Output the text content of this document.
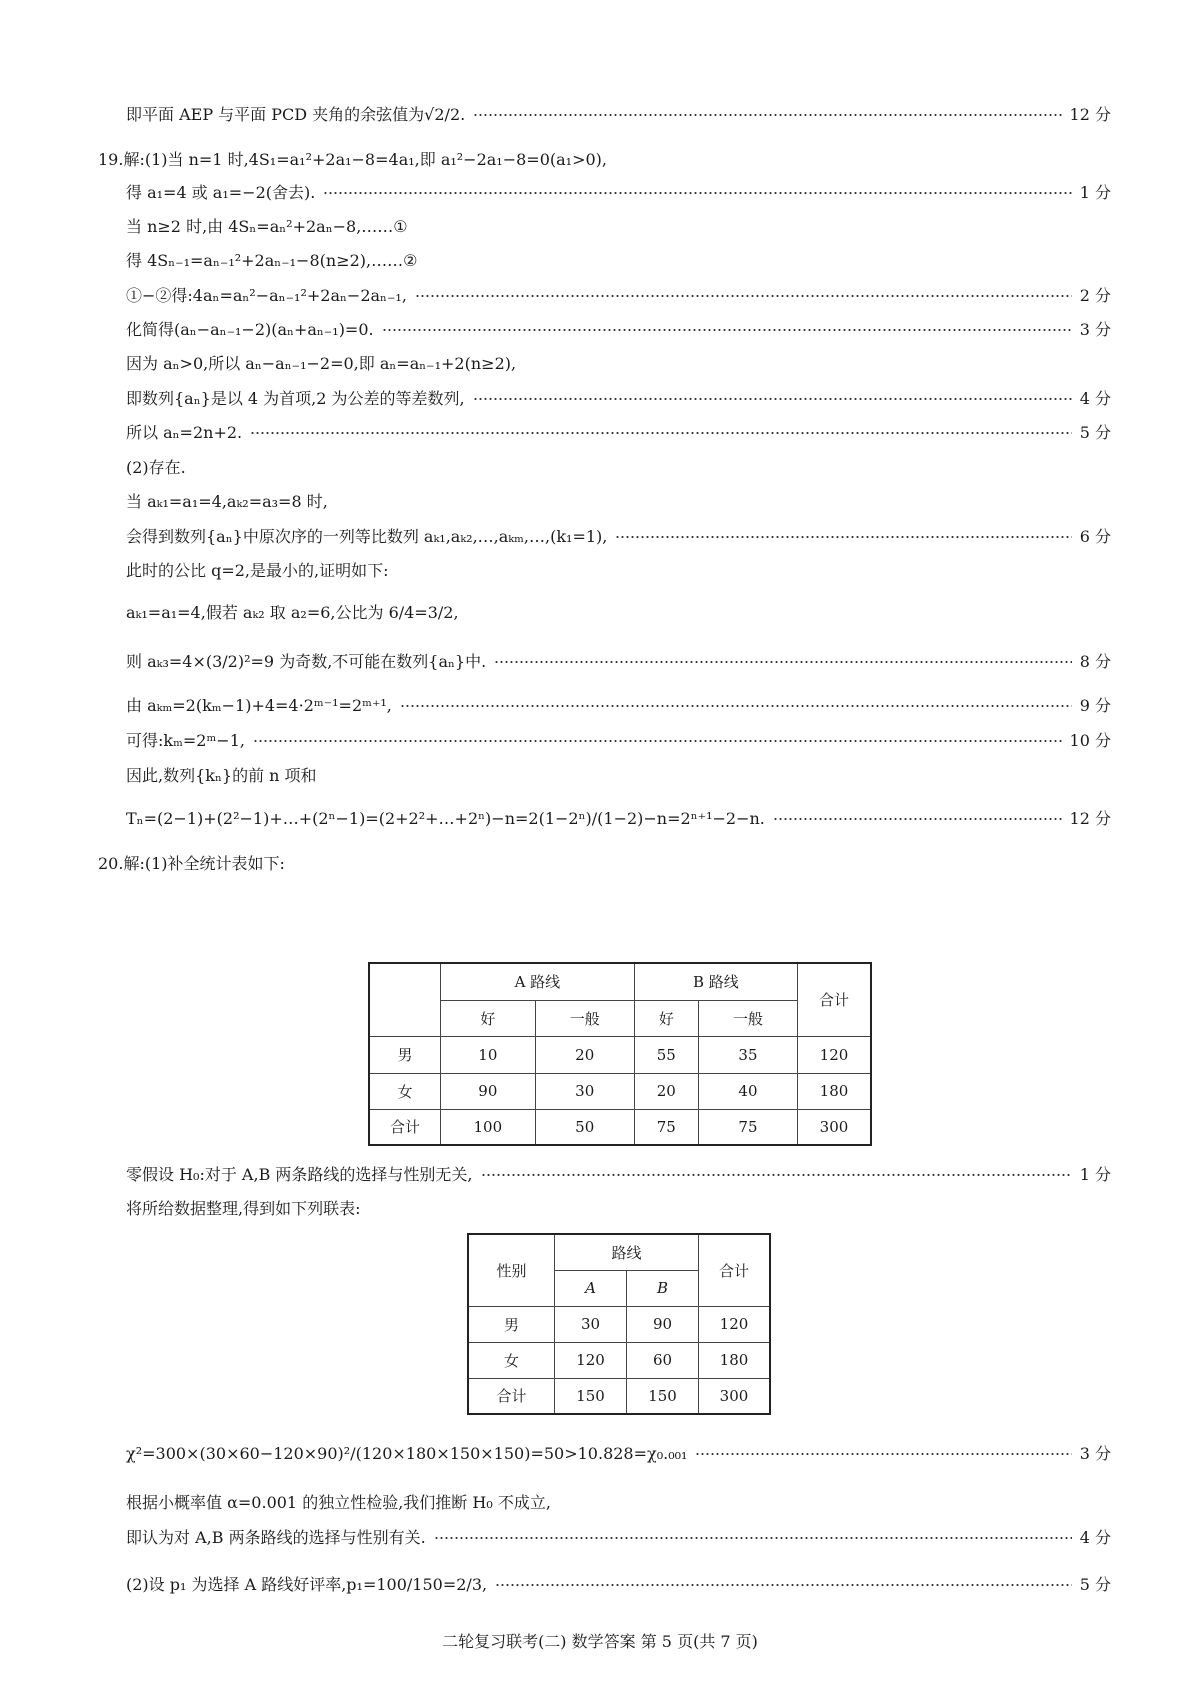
即平面 AEP 与平面 PCD 夹角的余弦值为√2/2.	12 分
19.解:(1)当 n=1 时,4S₁=a₁²+2a₁−8=4a₁,即 a₁²−2a₁−8=0(a₁>0),
得 a₁=4 或 a₁=−2(舍去).	1 分
当 n≥2 时,由 4Sₙ=aₙ²+2aₙ−8,……①
得 4Sₙ₋₁=aₙ₋₁²+2aₙ₋₁−8(n≥2),……②
①−②得:4aₙ=aₙ²−aₙ₋₁²+2aₙ−2aₙ₋₁,	2 分
化简得(aₙ−aₙ₋₁−2)(aₙ+aₙ₋₁)=0.	3 分
因为 aₙ>0,所以 aₙ−aₙ₋₁−2=0,即 aₙ=aₙ₋₁+2(n≥2),
即数列{aₙ}是以 4 为首项,2 为公差的等差数列,	4 分
所以 aₙ=2n+2.	5 分
(2)存在.
当 aₖ₁=a₁=4,aₖ₂=a₃=8 时,
会得到数列{aₙ}中原次序的一列等比数列 aₖ₁,aₖ₂,…,aₖₘ,…,(k₁=1),	6 分
此时的公比 q=2,是最小的,证明如下:
aₖ₁=a₁=4,假若 aₖ₂ 取 a₂=6,公比为 6/4=3/2,
则 aₖ₃=4×(3/2)²=9 为奇数,不可能在数列{aₙ}中.	8 分
由 aₖₘ=2(kₘ−1)+4=4·2ᵐ⁻¹=2ᵐ⁺¹,	9 分
可得:kₘ=2ᵐ−1,	10 分
因此,数列{kₙ}的前 n 项和
Tₙ=(2−1)+(2²−1)+…+(2ⁿ−1)=(2+2²+…+2ⁿ)−n=2(1−2ⁿ)/(1−2)−n=2ⁿ⁺¹−2−n.	12 分
20.解:(1)补全统计表如下:
	A 路线		B 路线		合计
	好	一般	好	一般	
男	10	20	55	35	120
女	90	30	20	40	180
合计	100	50	75	75	300
零假设 H₀:对于 A,B 两条路线的选择与性别无关,	1 分
将所给数据整理,得到如下列联表:
性别	路线		合计
	A	B	
男	30	90	120
女	120	60	180
合计	150	150	300
χ²=300×(30×60−120×90)²/(120×180×150×150)=50>10.828=χ₀.₀₀₁	3 分
根据小概率值 α=0.001 的独立性检验,我们推断 H₀ 不成立,
即认为对 A,B 两条路线的选择与性别有关.	4 分
(2)设 p₁ 为选择 A 路线好评率,p₁=100/150=2/3,	5 分
二轮复习联考(二) 数学答案 第 5 页(共 7 页)
